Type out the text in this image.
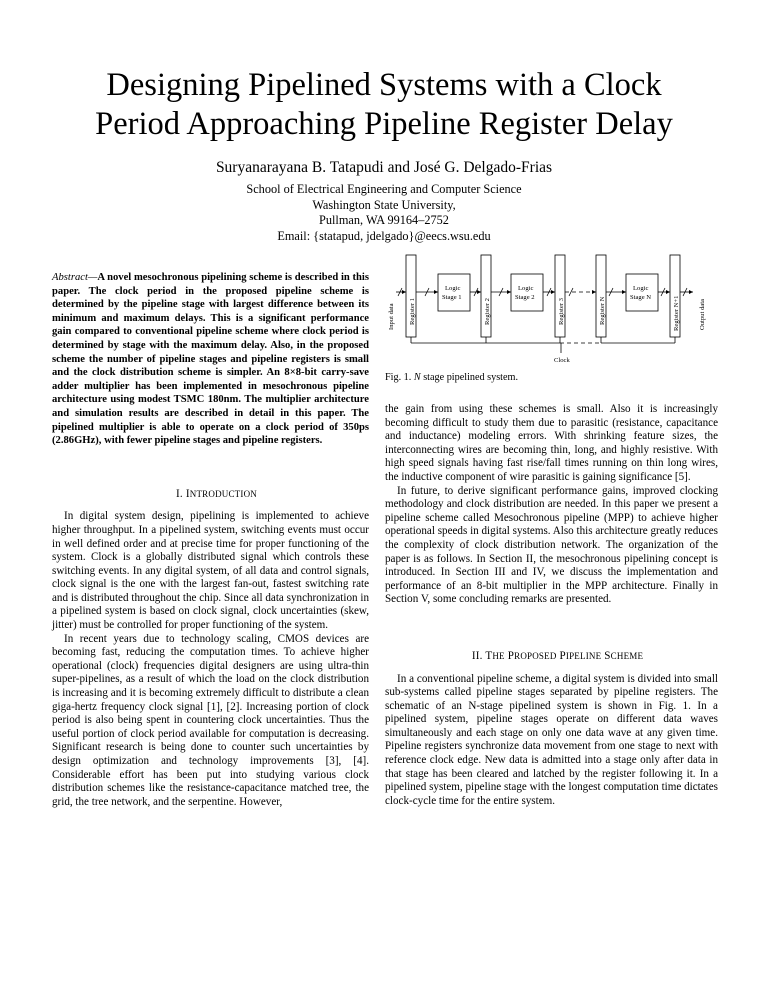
Designing Pipelined Systems with a Clock
Period Approaching Pipeline Register Delay
Suryanarayana B. Tatapudi and José G. Delgado-Frias
School of Electrical Engineering and Computer Science
Washington State University,
Pullman, WA 99164–2752
Email: {statapud, jdelgado}@eecs.wsu.edu

Abstract—A novel mesochronous pipelining scheme is described in this paper. The clock period in the proposed pipeline scheme is determined by the pipeline stage with largest difference between its minimum and maximum delays. This is a significant performance gain compared to conventional pipeline scheme where clock period is determined by stage with the maximum delay. Also, in the proposed scheme the number of pipeline stages and pipeline registers is small and the clock distribution scheme is simpler. An 8×8-bit carry-save adder multiplier has been implemented in mesochronous pipeline architecture using modest TSMC 180nm. The multiplier architecture and simulation results are described in detail in this paper. The pipelined multiplier is able to operate on a clock period of 350ps (2.86GHz), with fewer pipeline stages and pipeline registers.

I. INTRODUCTION

In digital system design, pipelining is implemented to achieve higher throughput. In a pipelined system, switching events must occur in well defined order and at precise time for proper functioning of the system. Clock is a globally distributed signal which controls these switching events. In any digital system, of all data and control signals, clock signal is the one with the largest fan-out, fastest switching rate and is distributed throughout the chip. Since all data synchronization in a pipelined system is based on clock signal, clock uncertainties (skew, jitter) must be controlled for proper functioning of the system.

In recent years due to technology scaling, CMOS devices are becoming fast, reducing the computation times. To achieve higher operational (clock) frequencies digital designers are using ultra-thin super-pipelines, as a result of which the load on the clock distribution is increasing and it is becoming extremely difficult to distribute a clean giga-hertz frequency clock signal [1], [2]. Increasing portion of clock period is also being spent in countering clock uncertainties. Thus the useful portion of clock period available for computation is decreasing. Significant research is being done to counter such uncertainties by design optimization and technology improvements [3], [4]. Considerable effort has been put into studying various clock distribution schemes like the resistance-capacitance matched tree, the grid, the tree network, and the serpentine. However,

Input data	Output data
Register 1	Register 2	Register 3	Register N	Register N+1
Logic
Stage 1
Logic
Stage 2
Logic
Stage N
Clock
Fig. 1. N stage pipelined system.

the gain from using these schemes is small. Also it is increasingly becoming difficult to study them due to parasitic (resistance, capacitance and inductance) modeling errors. With shrinking feature sizes, the interconnecting wires are becoming thin, long, and highly resistive. With high speed signals having fast rise/fall times running on thin long wires, the inductive component of wire parasitic is gaining significance [5].

In future, to derive significant performance gains, improved clocking methodology and clock distribution are needed. In this paper we present a pipeline scheme called Mesochronous pipeline (MPP) to achieve higher operational speeds in digital systems. Also this architecture greatly reduces the complexity of clock distribution network. The organization of the paper is as follows. In Section II, the mesochronous pipelining concept is introduced. In Section III and IV, we discuss the implementation and performance of an 8-bit multiplier in the MPP architecture. Finally in Section V, some concluding remarks are presented.

II. THE PROPOSED PIPELINE SCHEME

In a conventional pipeline scheme, a digital system is divided into small sub-systems called pipeline stages separated by pipeline registers. The schematic of an N-stage pipelined system is shown in Fig. 1. In a pipelined system, pipeline stages operate on different data waves simultaneously and each stage on only one data wave at any given time. Pipeline registers synchronize data movement from one stage to next with reference clock edge. New data is admitted into a stage only after data in that stage has been cleared and latched by the register following it. In a pipelined system, pipeline stage with the longest computation time dictates clock-cycle time for the entire system.
